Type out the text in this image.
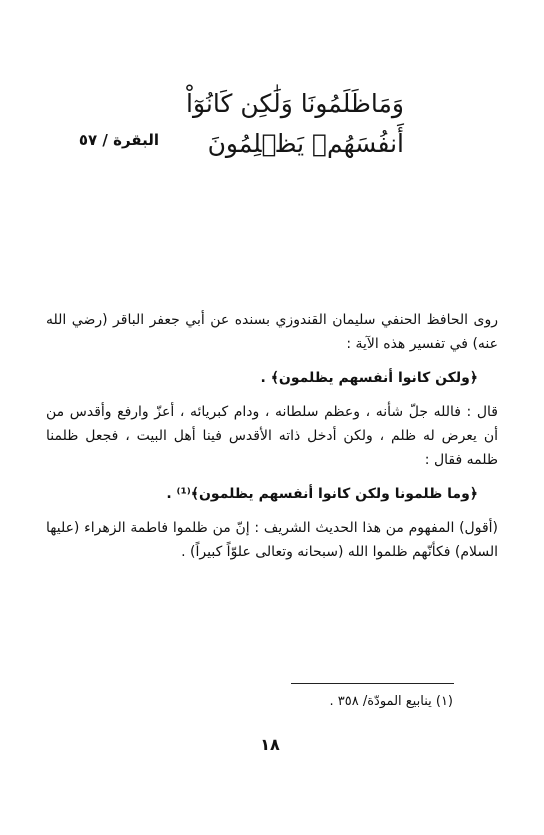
وَمَاظَلَمُونَا وَلَٰكِن كَانُوٓاْ أَنفُسَهُمۡ يَظۡلِمُونَ
البقرة / ٥٧

روى الحافظ الحنفي سليمان القندوزي بسنده عن أبي جعفر الباقر (رضي الله عنه) في تفسير هذه الآية :

﴿ولكن كانوا أنفسهم يظلمون﴾ .

قال : فالله جلّ شأنه ، وعظم سلطانه ، ودام كبريائه ، أعزّ وارفع وأقدس من أن يعرض له ظلم ، ولكن أدخل ذاته الأقدس فينا أهل البيت ، فجعل ظلمنا ظلمه فقال :

﴿وما ظلمونا ولكن كانوا أنفسهم يظلمون﴾⁽¹⁾ .

(أقول) المفهوم من هذا الحديث الشريف : إنّ من ظلموا فاطمة الزهراء (عليها السلام) فكأنّهم ظلموا الله (سبحانه وتعالى علوّاً كبيراً) .

(١) ينابيع المودّة/ ٣٥٨ .
١٨
